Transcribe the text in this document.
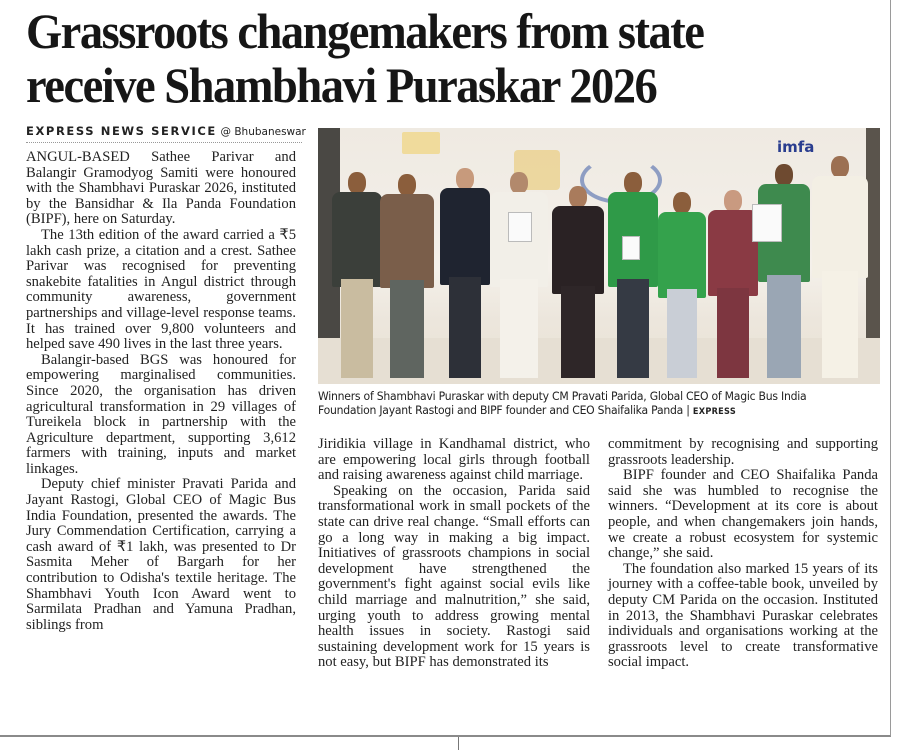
Grassroots changemakers from state
receive Shambhavi Puraskar 2026
EXPRESS NEWS SERVICE @ Bhubaneswar

ANGUL-BASED Sathee Parivar and Balangir Gramodyog Samiti were honoured with the Shambhavi Puraskar 2026, instituted by the Bansidhar & Ila Panda Foundation (BIPF), here on Saturday.

The 13th edition of the award carried a ₹5 lakh cash prize, a citation and a crest. Sathee Parivar was recognised for preventing snakebite fatalities in Angul district through community awareness, government partnerships and village-level response teams. It has trained over 9,800 volunteers and helped save 490 lives in the last three years.

Balangir-based BGS was honoured for empowering marginalised communities. Since 2020, the organisation has driven agricultural transformation in 29 villages of Tureikela block in partnership with the Agriculture department, supporting 3,612 farmers with training, inputs and market linkages.

Deputy chief minister Pravati Parida and Jayant Rastogi, Global CEO of Magic Bus India Foundation, presented the awards. The Jury Commendation Certification, carrying a cash award of ₹1 lakh, was presented to Dr Sasmita Meher of Bargarh for her contribution to Odisha's textile heritage. The Shambhavi Youth Icon Award went to Sarmilata Pradhan and Yamuna Pradhan, siblings from

imfa
Winners of Shambhavi Puraskar with deputy CM Pravati Parida, Global CEO of Magic Bus India Foundation Jayant Rastogi and BIPF founder and CEO Shaifalika Panda | EXPRESS

Jiridikia village in Kandhamal district, who are empowering local girls through football and raising awareness against child marriage.

Speaking on the occasion, Parida said transformational work in small pockets of the state can drive real change. “Small efforts can go a long way in making a big impact. Initiatives of grassroots champions in social development have strengthened the government's fight against social evils like child marriage and malnutrition,” she said, urging youth to address growing mental health issues in society. Rastogi said sustaining development work for 15 years is not easy, but BIPF has demonstrated its

commitment by recognising and supporting grassroots leadership.

BIPF founder and CEO Shaifalika Panda said she was humbled to recognise the winners. “Development at its core is about people, and when changemakers join hands, we create a robust ecosystem for systemic change,” she said.

The foundation also marked 15 years of its journey with a coffee-table book, unveiled by deputy CM Parida on the occasion. Instituted in 2013, the Shambhavi Puraskar celebrates individuals and organisations working at the grassroots level to create transformative social impact.
